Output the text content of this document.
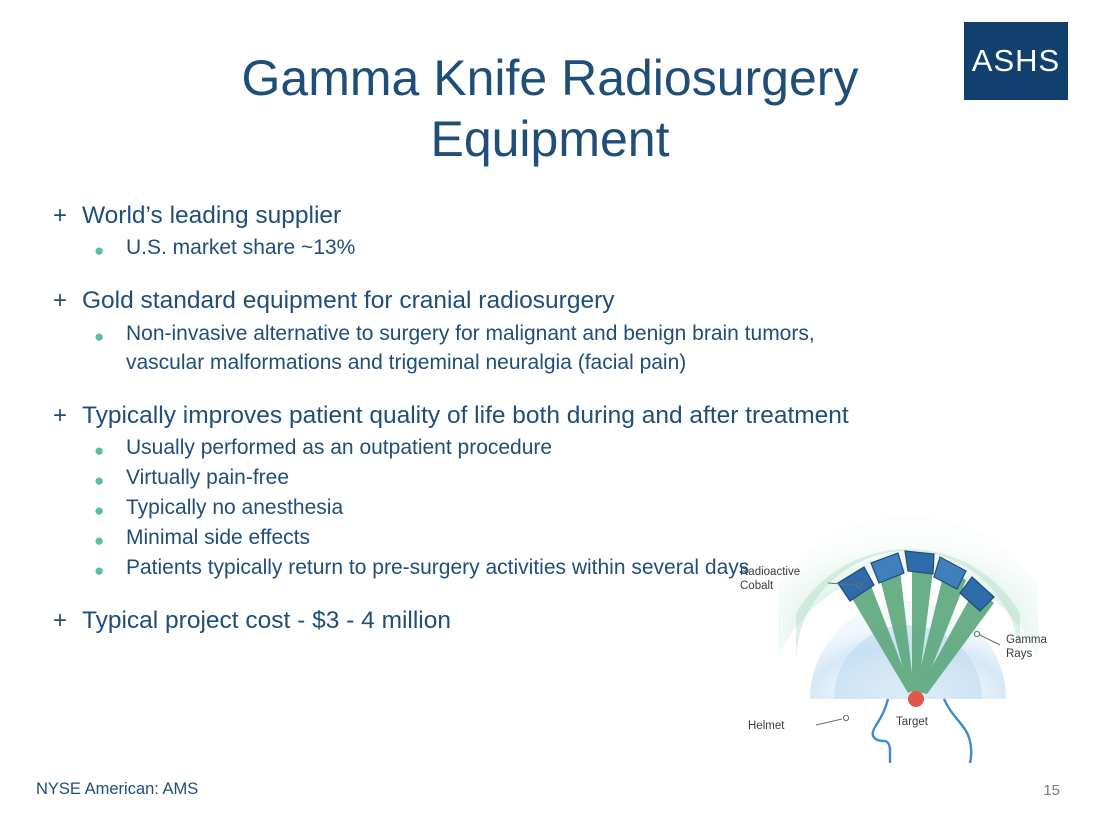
ASHS
Gamma Knife Radiosurgery Equipment
+ World’s leading supplier
●	U.S. market share ~13%
+ Gold standard equipment for cranial radiosurgery
●	Non-invasive alternative to surgery for malignant and benign brain tumors, vascular malformations and trigeminal neuralgia (facial pain)
+ Typically improves patient quality of life both during and after treatment
●	Usually performed as an outpatient procedure
●	Virtually pain-free
●	Typically no anesthesia
●	Minimal side effects
●	Patients typically return to pre-surgery activities within several days
+ Typical project cost - $3 - 4 million
Radioactive
Cobalt
Gamma
Rays
Helmet	Target
NYSE American: AMS	15
